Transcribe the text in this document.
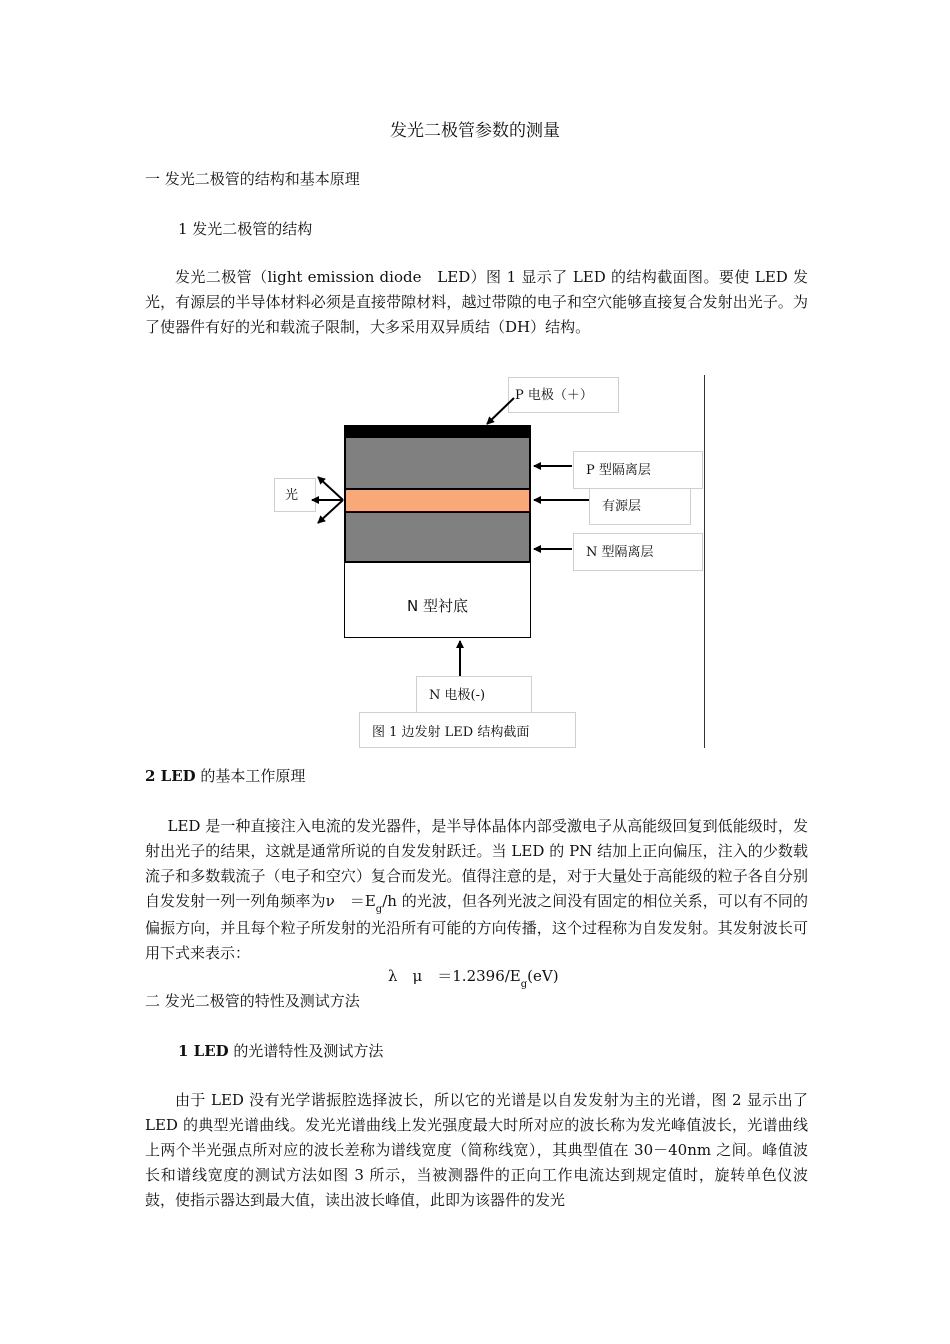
发光二极管参数的测量
一 发光二极管的结构和基本原理
1 发光二极管的结构
发光二极管（light emission diode　LED）图 1 显示了 LED 的结构截面图。要使 LED 发光，有源层的半导体材料必须是直接带隙材料，越过带隙的电子和空穴能够直接复合发射出光子。为了使器件有好的光和载流子限制，大多采用双异质结（DH）结构。
P 电极（＋）
N 型衬底
P 型隔离层
有源层
N 型隔离层
光
N 电极(-)
图 1 边发射 LED 结构截面
2 LED 的基本工作原理
LED 是一种直接注入电流的发光器件，是半导体晶体内部受激电子从高能级回复到低能级时，发射出光子的结果，这就是通常所说的自发发射跃迁。当 LED 的 PN 结加上正向偏压，注入的少数载流子和多数载流子（电子和空穴）复合而发光。值得注意的是，对于大量处于高能级的粒子各自分别自发发射一列一列角频率为ν　$=E_g/h$ 的光波，但各列光波之间没有固定的相位关系，可以有不同的偏振方向，并且每个粒子所发射的光沿所有可能的方向传播，这个过程称为自发发射。其发射波长可用下式来表示：
λ　μ　$=1.2396/E_g(eV)$
二 发光二极管的特性及测试方法
1 LED 的光谱特性及测试方法
由于 LED 没有光学谐振腔选择波长，所以它的光谱是以自发发射为主的光谱，图 2 显示出了 LED 的典型光谱曲线。发光光谱曲线上发光强度最大时所对应的波长称为发光峰值波长，光谱曲线上两个半光强点所对应的波长差称为谱线宽度（简称线宽），其典型值在 30－40nm 之间。峰值波长和谱线宽度的测试方法如图 3 所示，当被测器件的正向工作电流达到规定值时，旋转单色仪波鼓，使指示器达到最大值，读出波长峰值，此即为该器件的发光
